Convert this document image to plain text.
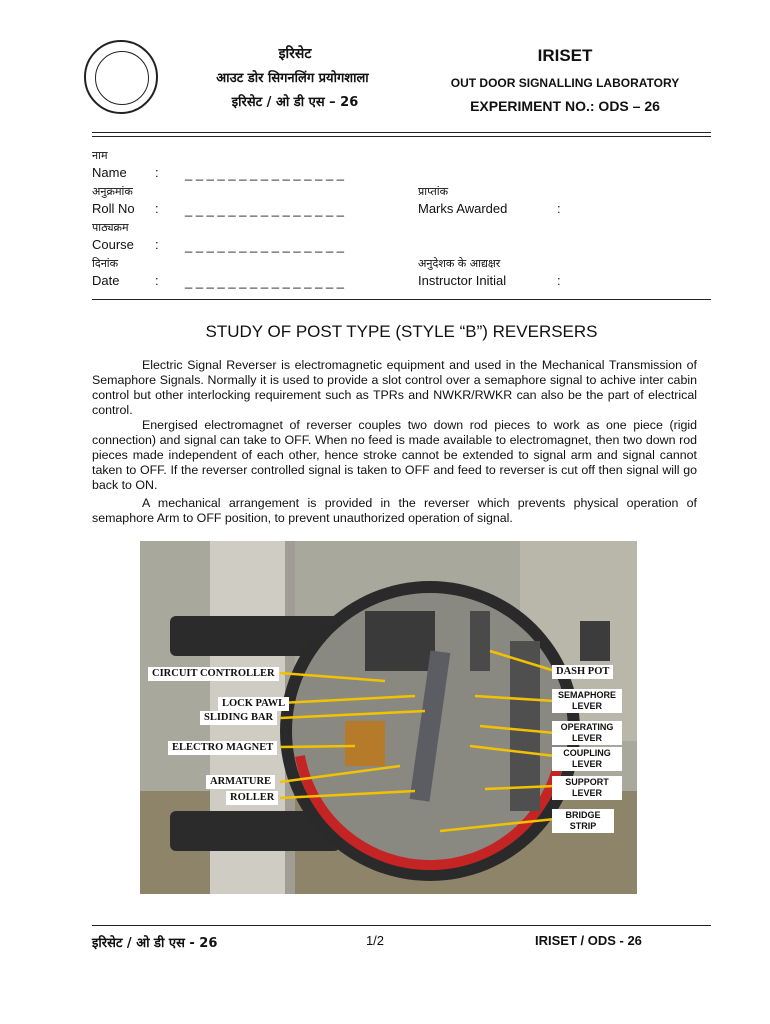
इरिसेट
आउट डोर सिगनलिंग प्रयोगशाला
इरिसेट / ओ डी एस – 26
IRISET
OUT DOOR SIGNALLING LABORATORY
EXPERIMENT NO.: ODS – 26
नाम
Name : _ _ _ _ _ _ _ _ _ _ _ _ _ _ _
अनुक्रमांक
Roll No : _ _ _ _ _ _ _ _ _ _ _ _ _ _ _
पाठ्यक्रम
Course : _ _ _ _ _ _ _ _ _ _ _ _ _ _ _
दिनांक
Date	: _ _ _ _ _ _ _ _ _ _ _ _ _ _ _
प्राप्तांक
Marks Awarded	:
अनुदेशक के आद्यक्षर
Instructor Initial	:
STUDY OF POST TYPE (STYLE “B”) REVERSERS

Electric Signal Reverser is electromagnetic equipment and used in the Mechanical Transmission of Semaphore Signals. Normally it is used to provide a slot control over a semaphore signal to achive inter cabin control but other interlocking requirement such as TPRs and NWKR/RWKR can also be the part of electrical control.

Energised electromagnet of reverser couples two down rod pieces to work as one piece (rigid connection) and signal can take to OFF. When no feed is made available to electromagnet, then two down rod pieces made independent of each other, hence stroke cannot be extended to signal arm and signal cannot taken to OFF. If the reverser controlled signal is taken to OFF and feed to reverser is cut off then signal will go back to ON.

A mechanical arrangement is provided in the reverser which prevents physical operation of semaphore Arm to OFF position, to prevent unauthorized operation of signal.

CIRCUIT CONTROLLER
LOCK PAWL
SLIDING BAR
ELECTRO MAGNET
ARMATURE
ROLLER
DASH POT
SEMAPHORE LEVER
OPERATING LEVER
COUPLING LEVER
SUPPORT LEVER
BRIDGE STRIP
इरिसेट / ओ डी एस - 26	1/2	IRISET / ODS - 26
